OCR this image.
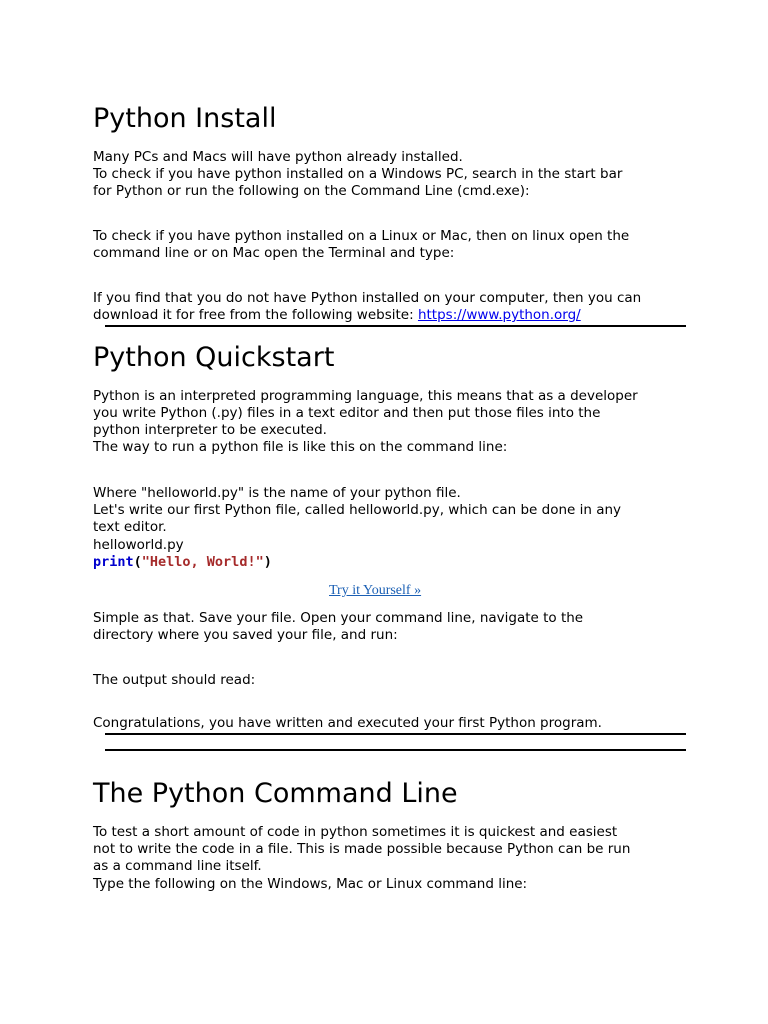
Python Install
Many PCs and Macs will have python already installed.
To check if you have python installed on a Windows PC, search in the start bar
for Python or run the following on the Command Line (cmd.exe):
To check if you have python installed on a Linux or Mac, then on linux open the
command line or on Mac open the Terminal and type:
If you find that you do not have Python installed on your computer, then you can
download it for free from the following website: https://www.python.org/
Python Quickstart
Python is an interpreted programming language, this means that as a developer
you write Python (.py) files in a text editor and then put those files into the
python interpreter to be executed.
The way to run a python file is like this on the command line:
Where "helloworld.py" is the name of your python file.
Let's write our first Python file, called helloworld.py, which can be done in any
text editor.
helloworld.py
print("Hello, World!")
Try it Yourself »
Simple as that. Save your file. Open your command line, navigate to the
directory where you saved your file, and run:
The output should read:
Congratulations, you have written and executed your first Python program.
The Python Command Line
To test a short amount of code in python sometimes it is quickest and easiest
not to write the code in a file. This is made possible because Python can be run
as a command line itself.
Type the following on the Windows, Mac or Linux command line:
